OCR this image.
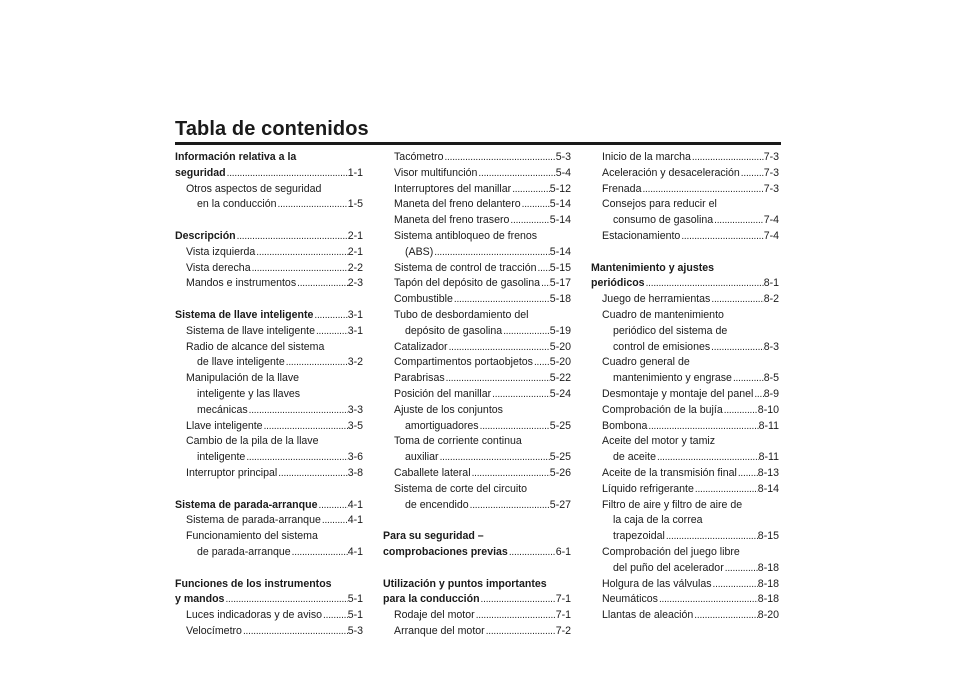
Tabla de contenidos
Información relativa a la
seguridad .....	1-1
Otros aspectos de seguridad
en la conducción .....	1-5
Descripción .....	2-1
Vista izquierda .....	2-1
Vista derecha .....	2-2
Mandos e instrumentos .....	2-3
Sistema de llave inteligente .....	3-1
Sistema de llave inteligente .....	3-1
Radio de alcance del sistema
de llave inteligente .....	3-2
Manipulación de la llave
inteligente y las llaves
mecánicas .....	3-3
Llave inteligente .....	3-5
Cambio de la pila de la llave
inteligente .....	3-6
Interruptor principal .....	3-8
Sistema de parada-arranque .....	4-1
Sistema de parada-arranque .....	4-1
Funcionamiento del sistema
de parada-arranque .....	4-1
Funciones de los instrumentos
y mandos .....	5-1
Luces indicadoras y de aviso ..... 5-1
Velocímetro .....	5-3
Tacómetro .....	5-3
Visor multifunción .....	5-4
Interruptores del manillar .....	5-12
Maneta del freno delantero .....	5-14
Maneta del freno trasero .....	5-14
Sistema antibloqueo de frenos
(ABS) .....	5-14
Sistema de control de tracción ..... 5-15
Tapón del depósito de gasolina ..... 5-17
Combustible .....	5-18
Tubo de desbordamiento del
depósito de gasolina .....	5-19
Catalizador .....	5-20
Compartimentos portaobjetos ..... 5-20
Parabrisas .....	5-22
Posición del manillar .....	5-24
Ajuste de los conjuntos
amortiguadores .....	5-25
Toma de corriente continua
auxiliar .....	5-25
Caballete lateral .....	5-26
Sistema de corte del circuito
de encendido .....	5-27
Para su seguridad –
comprobaciones previas .....	6-1
Utilización y puntos importantes
para la conducción .....	7-1
Rodaje del motor .....	7-1
Arranque del motor .....	7-2
Inicio de la marcha .....	7-3
Aceleración y desaceleración ..... 7-3
Frenada .....	7-3
Consejos para reducir el
consumo de gasolina .....	7-4
Estacionamiento .....	7-4
Mantenimiento y ajustes
periódicos .....	8-1
Juego de herramientas .....	8-2
Cuadro de mantenimiento
periódico del sistema de
control de emisiones .....	8-3
Cuadro general de
mantenimiento y engrase .....	8-5
Desmontaje y montaje del panel ..... 8-9
Comprobación de la bujía .....	8-10
Bombona .....	8-11
Aceite del motor y tamiz
de aceite .....	8-11
Aceite de la transmisión final ..... 8-13
Líquido refrigerante .....	8-14
Filtro de aire y filtro de aire de
la caja de la correa
trapezoidal .....	8-15
Comprobación del juego libre
del puño del acelerador .....	8-18
Holgura de las válvulas .....	8-18
Neumáticos .....	8-18
Llantas de aleación .....	8-20
